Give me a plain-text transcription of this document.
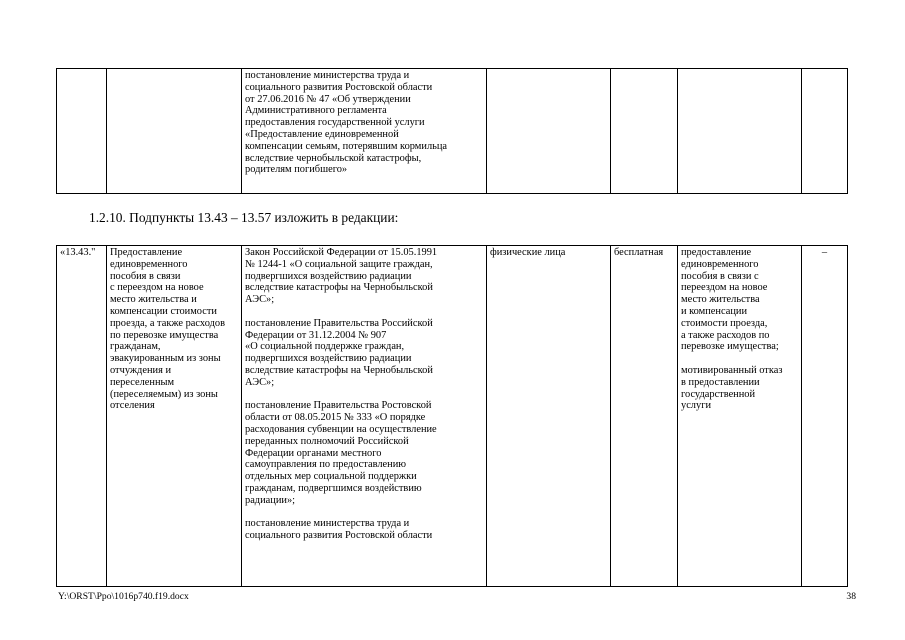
		постановление министерства труда и
социального развития Ростовской области
от 27.06.2016 № 47 «Об утверждении
Административного регламента
предоставления государственной услуги
«Предоставление единовременной
компенсации семьям, потерявшим кормильца
вследствие чернобыльской катастрофы,
родителям погибшего»				
1.2.10. Подпункты 13.43 – 13.57 изложить в редакции:
«13.43."	Предоставление
единовременного
пособия в связи
с переездом на новое
место жительства и
компенсации стоимости
проезда, а также расходов
по перевозке имущества
гражданам,
эвакуированным из зоны
отчуждения и
переселенным
(переселяемым) из зоны
отселения	Закон Российской Федерации от 15.05.1991
№ 1244-1 «О социальной защите граждан,
подвергшихся воздействию радиации
вследствие катастрофы на Чернобыльской
АЭС»;

постановление Правительства Российской
Федерации от 31.12.2004 № 907
«О социальной поддержке граждан,
подвергшихся воздействию радиации
вследствие катастрофы на Чернобыльской
АЭС»;

постановление Правительства Ростовской
области от 08.05.2015 № 333 «О порядке
расходования субвенции на осуществление
переданных полномочий Российской
Федерации органами местного
самоуправления по предоставлению
отдельных мер социальной поддержки
гражданам, подвергшимся воздействию
радиации»;

постановление министерства труда и
социального развития Ростовской области	физические лица	бесплатная	предоставление
единовременного
пособия в связи с
переездом на новое
место жительства
и компенсации
стоимости проезда,
а также расходов по
перевозке имущества;

мотивированный отказ
в предоставлении
государственной
услуги	–
Y:\ORST\Ppo\1016p740.f19.docx	38
